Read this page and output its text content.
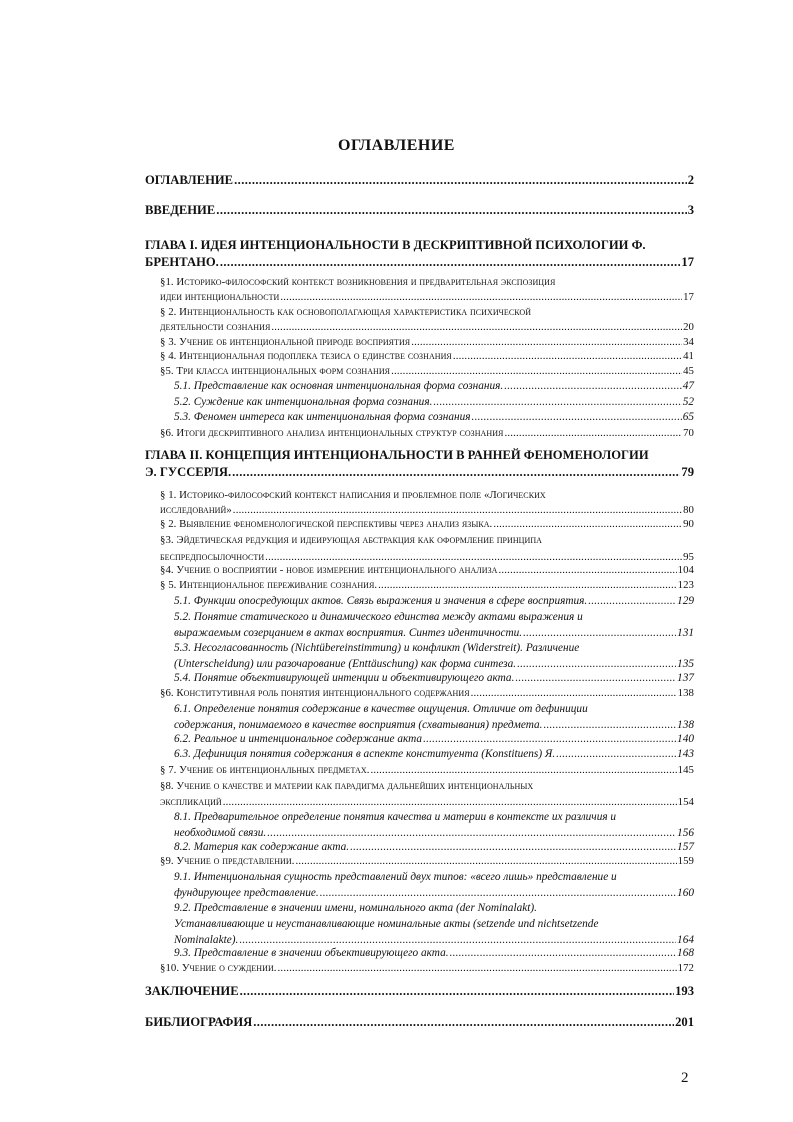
ОГЛАВЛЕНИЕ
ОГЛАВЛЕНИЕ .....	2
ВВЕДЕНИЕ .....	3
ГЛАВА I. ИДЕЯ ИНТЕНЦИОНАЛЬНОСТИ В ДЕСКРИПТИВНОЙ ПСИХОЛОГИИ Ф.
БРЕНТАНО. .....	17
§1. Историко-философский контекст возникновения и предварительная экспозиция
идеи интенциональности .....	17
§ 2. Интенциональность как основополагающая характеристика психической
деятельности сознания .....	20
§ 3. Учение об интенциональной природе восприятия .....	34
§ 4. Интенциональная подоплека тезиса о единстве сознания .....	41
§5. Три класса интенциональных форм сознания .....	45
5.1. Представление как основная интенциональная форма сознания. .....	47
5.2. Суждение как интенциональная форма сознания. .....	52
5.3. Феномен интереса как интенциональная форма сознания .....	65
§6. Итоги дескриптивного анализа интенциональных структур сознания .....	70
ГЛАВА II. КОНЦЕПЦИЯ ИНТЕНЦИОНАЛЬНОСТИ В РАННЕЙ ФЕНОМЕНОЛОГИИ
Э. ГУССЕРЛЯ. .....	79
§ 1. Историко-философский контекст написания и проблемное поле «Логических
исследований» .....	80
§ 2. Выявление феноменологической перспективы через анализ языка. .....	90
§3. Эйдетическая редукция и идеирующая абстракция как оформление принципа
беспредпосылочности .....	95
§4. Учение о восприятии - новое измерение интенционального анализа .....	104
§ 5. Интенциональное переживание сознания. .....	123
5.1. Функции опосредующих актов. Связь выражения и значения в сфере восприятия. .....	129
5.2. Понятие статического и динамического единства между актами выражения и
выражаемым созерцанием в актах восприятия. Синтез идентичности. .....	131
5.3. Несогласованность (Nichtübereinstimmung) и конфликт (Widerstreit). Различение
(Unterscheidung) или разочарование (Enttäuschung) как форма синтеза. .....	135
5.4. Понятие объективирующей интенции и объективирующего акта. .....	137
§6. Конститутивная роль понятия интенционального содержания .....	138
6.1. Определение понятия содержание в качестве ощущения. Отличие от дефиниции
содержания, понимаемого в качестве восприятия (схватывания) предмета. .....	138
6.2. Реальное и интенциональное содержание акта .....	140
6.3. Дефиниция понятия содержания в аспекте конституента (Konstituens) Я. .....	143
§ 7. Учение об интенциональных предметах. .....	145
§8. Учение о качестве и материи как парадигма дальнейших интенциональных
экспликаций .....	154
8.1. Предварительное определение понятия качества и материи в контексте их различия и
необходимой связи. .....	156
8.2. Материя как содержание акта. .....	157
§9. Учение о представлении. .....	159
9.1. Интенциональная сущность представлений двух типов: «всего лишь» представление и
фундирующее представление. .....	160
9.2. Представление в значении имени, номинального акта (der Nominalakt).
Устанавливающие и неустанавливающие номинальные акты (setzende und nichtsetzende
Nominalakte). .....	164
9.3. Представление в значении объективирующего акта. .....	168
§10. Учение о суждении. .....	172
ЗАКЛЮЧЕНИЕ .....	193
БИБЛИОГРАФИЯ .....	201
2
